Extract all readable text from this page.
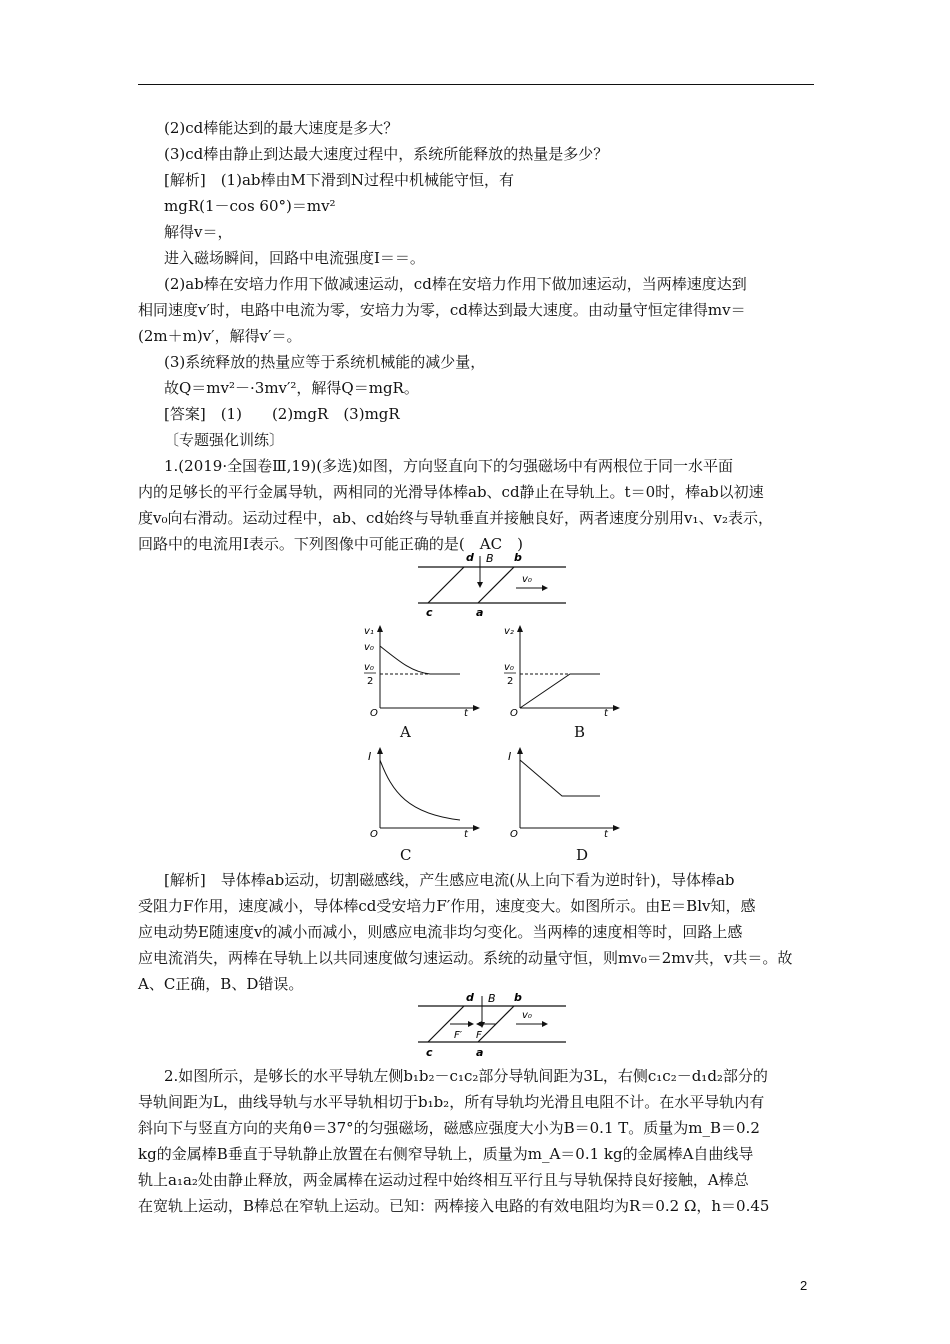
(2)cd棒能达到的最大速度是多大？
(3)cd棒由静止到达最大速度过程中，系统所能释放的热量是多少？
[解析]　(1)ab棒由M下滑到N过程中机械能守恒，有
mgR(1－cos 60°)＝mv²
解得v＝，
进入磁场瞬间，回路中电流强度I＝＝。
(2)ab棒在安培力作用下做减速运动，cd棒在安培力作用下做加速运动，当两棒速度达到
相同速度v′时，电路中电流为零，安培力为零，cd棒达到最大速度。由动量守恒定律得mv＝
(2m＋m)v′，解得v′＝。
(3)系统释放的热量应等于系统机械能的减少量，
故Q＝mv²－·3mv′²，解得Q＝mgR。
[答案]　(1)　　(2)mgR　(3)mgR
〔专题强化训练〕
1.(2019·全国卷Ⅲ,19)(多选)如图，方向竖直向下的匀强磁场中有两根位于同一水平面
内的足够长的平行金属导轨，两相同的光滑导体棒ab、cd静止在导轨上。t＝0时，棒ab以初速
度v₀向右滑动。运动过程中，ab、cd始终与导轨垂直并接触良好，两者速度分别用v₁、v₂表示，
回路中的电流用I表示。下列图像中可能正确的是(　AC　)
d B b
c	a
v₀
v₁
v₀
v₀
2
O	t
A
v₂
v₀
2
O	t
B
I
O	t
C
I
O	t
D
[解析]　导体棒ab运动，切割磁感线，产生感应电流(从上向下看为逆时针)，导体棒ab
受阻力F作用，速度减小，导体棒cd受安培力F′作用，速度变大。如图所示。由E＝Blv知，感
应电动势E随速度v的减小而减小，则感应电流非均匀变化。当两棒的速度相等时，回路上感
应电流消失，两棒在导轨上以共同速度做匀速运动。系统的动量守恒，则mv₀＝2mv共，v共＝。故
A、C正确，B、D错误。
d B b
c	a
v₀
F′ F
2.如图所示，是够长的水平导轨左侧b₁b₂－c₁c₂部分导轨间距为3L，右侧c₁c₂－d₁d₂部分的
导轨间距为L，曲线导轨与水平导轨相切于b₁b₂，所有导轨均光滑且电阻不计。在水平导轨内有
斜向下与竖直方向的夹角θ＝37°的匀强磁场，磁感应强度大小为B＝0.1 T。质量为m_B＝0.2
kg的金属棒B垂直于导轨静止放置在右侧窄导轨上，质量为m_A＝0.1 kg的金属棒A自曲线导
轨上a₁a₂处由静止释放，两金属棒在运动过程中始终相互平行且与导轨保持良好接触，A棒总
在宽轨上运动，B棒总在窄轨上运动。已知：两棒接入电路的有效电阻均为R＝0.2 Ω，h＝0.45
2
